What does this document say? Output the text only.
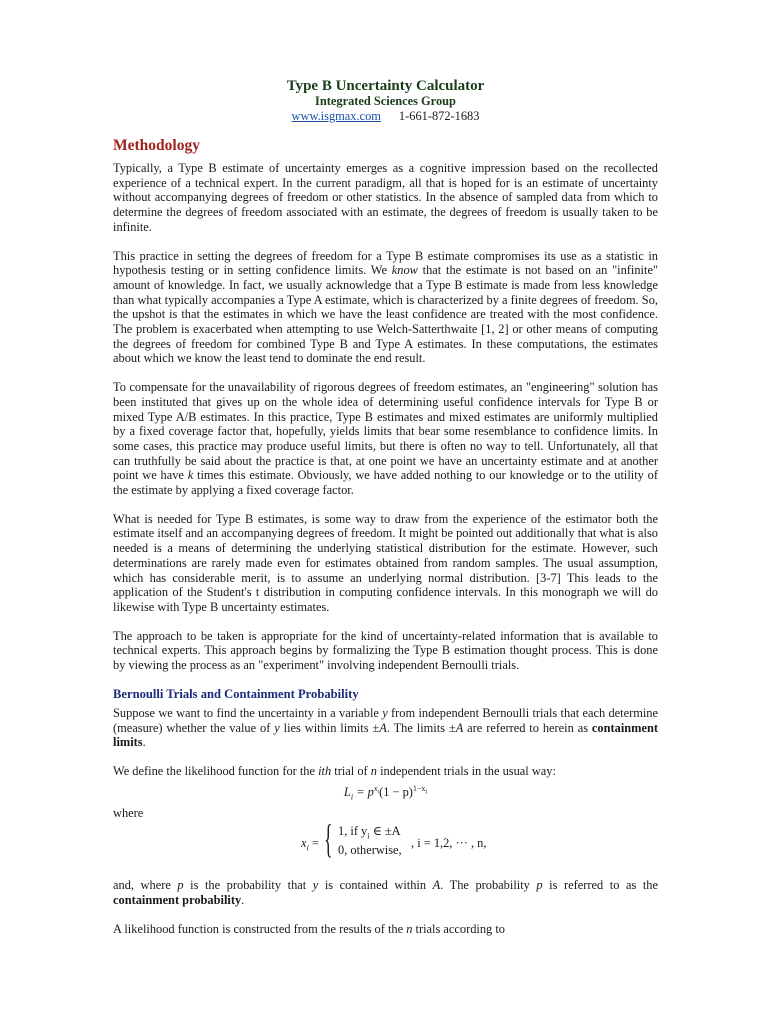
Type B Uncertainty Calculator
Integrated Sciences Group
www.isgmax.com 1-661-872-1683
Methodology

Typically, a Type B estimate of uncertainty emerges as a cognitive impression based on the recollected experience of a technical expert. In the current paradigm, all that is hoped for is an estimate of uncertainty without accompanying degrees of freedom or other statistics. In the absence of sampled data from which to determine the degrees of freedom associated with an estimate, the degrees of freedom is usually taken to be infinite.

This practice in setting the degrees of freedom for a Type B estimate compromises its use as a statistic in hypothesis testing or in setting confidence limits. We know that the estimate is not based on an "infinite" amount of knowledge. In fact, we usually acknowledge that a Type B estimate is made from less knowledge than what typically accompanies a Type A estimate, which is characterized by a finite degrees of freedom. So, the upshot is that the estimates in which we have the least confidence are treated with the most confidence. The problem is exacerbated when attempting to use Welch-Satterthwaite [1, 2] or other means of computing the degrees of freedom for combined Type B and Type A estimates. In these computations, the estimates about which we know the least tend to dominate the end result.

To compensate for the unavailability of rigorous degrees of freedom estimates, an "engineering" solution has been instituted that gives up on the whole idea of determining useful confidence intervals for Type B or mixed Type A/B estimates. In this practice, Type B estimates and mixed estimates are uniformly multiplied by a fixed coverage factor that, hopefully, yields limits that bear some resemblance to confidence limits. In some cases, this practice may produce useful limits, but there is often no way to tell. Unfortunately, all that can truthfully be said about the practice is that, at one point we have an uncertainty estimate and at another point we have k times this estimate. Obviously, we have added nothing to our knowledge or to the utility of the estimate by applying a fixed coverage factor.

What is needed for Type B estimates, is some way to draw from the experience of the estimator both the estimate itself and an accompanying degrees of freedom. It might be pointed out additionally that what is also needed is a means of determining the underlying statistical distribution for the estimate. However, such determinations are rarely made even for estimates obtained from random samples. The usual assumption, which has considerable merit, is to assume an underlying normal distribution. [3-7] This leads to the application of the Student's t distribution in computing confidence intervals. In this monograph we will do likewise with Type B uncertainty estimates.

The approach to be taken is appropriate for the kind of uncertainty-related information that is available to technical experts. This approach begins by formalizing the Type B estimation thought process. This is done by viewing the process as an "experiment" involving independent Bernoulli trials.

Bernoulli Trials and Containment Probability

Suppose we want to find the uncertainty in a variable y from independent Bernoulli trials that each determine (measure) whether the value of y lies within limits ±A. The limits ±A are referred to herein as containment limits.

We define the likelihood function for the ith trial of n independent trials in the usual way:

$L_i = p^{x_i}(1 - p)^{1-x_i}$
where
$x_i$ = { 1, if $y_i$ ∈ ±A
0, otherwise, , i = 1,2, ··· , n,

and, where p is the probability that y is contained within A. The probability p is referred to as the containment probability.

A likelihood function is constructed from the results of the n trials according to
